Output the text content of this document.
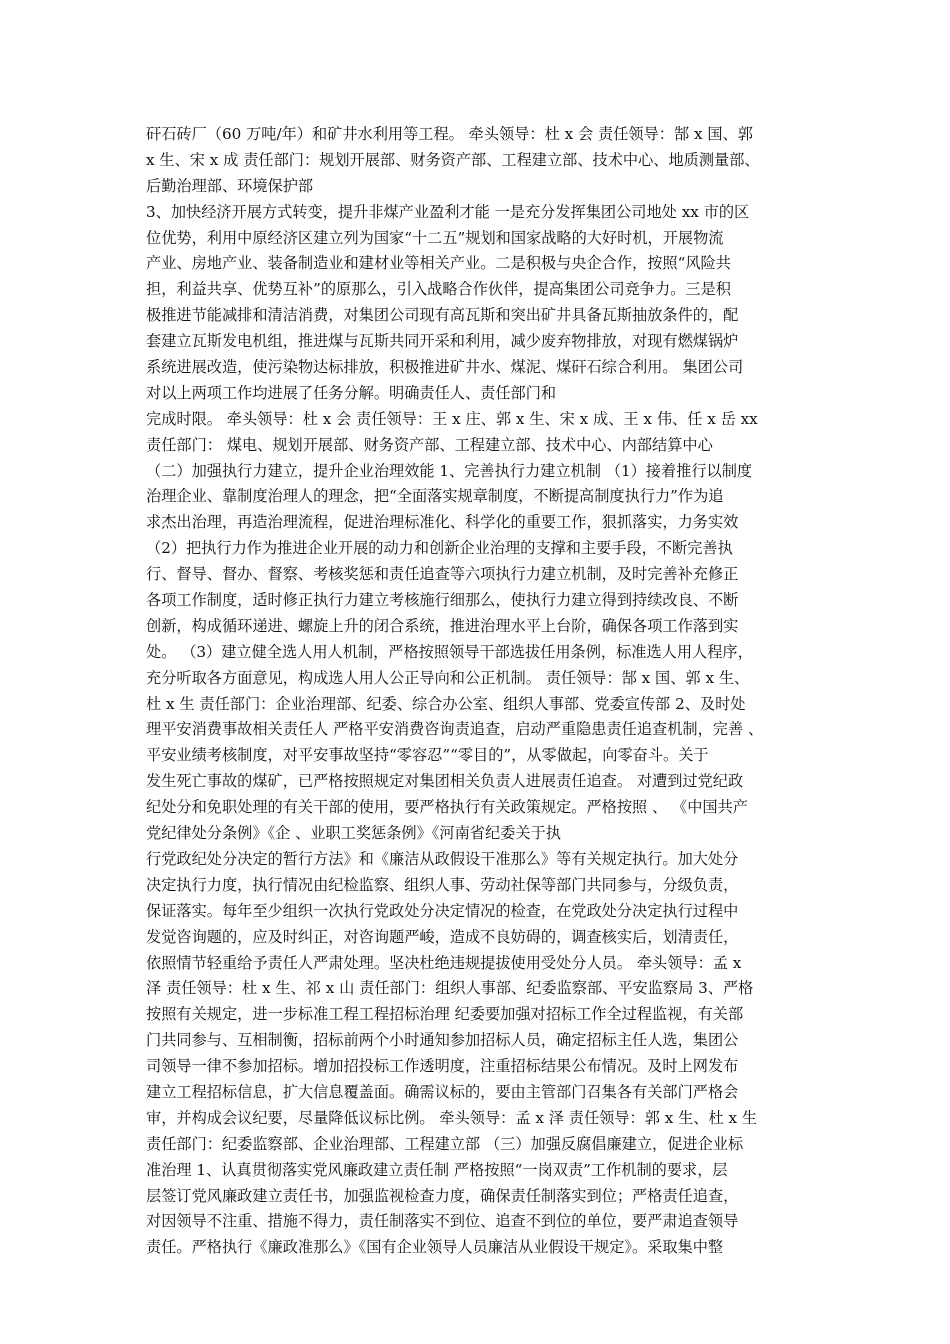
矸石砖厂（60 万吨/年）和矿井水利用等工程。 牵头领导：杜 x 会 责任领导：郜 x 国、郭
x 生、宋 x 成 责任部门：规划开展部、财务资产部、工程建立部、技术中心、地质测量部、
后勤治理部、环境保护部
3、加快经济开展方式转变，提升非煤产业盈利才能 一是充分发挥集团公司地处 xx 市的区
位优势，利用中原经济区建立列为国家“十二五”规划和国家战略的大好时机，开展物流
产业、房地产业、装备制造业和建材业等相关产业。二是积极与央企合作，按照“风险共
担，利益共享、优势互补”的原那么，引入战略合作伙伴，提高集团公司竞争力。三是积
极推进节能减排和清洁消费，对集团公司现有高瓦斯和突出矿井具备瓦斯抽放条件的，配
套建立瓦斯发电机组，推进煤与瓦斯共同开采和利用，减少废弃物排放，对现有燃煤锅炉
系统进展改造，使污染物达标排放，积极推进矿井水、煤泥、煤矸石综合利用。 集团公司
对以上两项工作均进展了任务分解。明确责任人、责任部门和
完成时限。 牵头领导：杜 x 会 责任领导：王 x 庄、郭 x 生、宋 x 成、王 x 伟、任 x 岳 xx
责任部门： 煤电、规划开展部、财务资产部、工程建立部、技术中心、内部结算中心
（二）加强执行力建立，提升企业治理效能 1、完善执行力建立机制 （1）接着推行以制度
治理企业、靠制度治理人的理念，把“全面落实规章制度，不断提高制度执行力”作为追
求杰出治理，再造治理流程，促进治理标准化、科学化的重要工作，狠抓落实，力务实效
（2）把执行力作为推进企业开展的动力和创新企业治理的支撑和主要手段，不断完善执
行、督导、督办、督察、考核奖惩和责任追查等六项执行力建立机制，及时完善补充修正
各项工作制度，适时修正执行力建立考核施行细那么，使执行力建立得到持续改良、不断
创新，构成循环递进、螺旋上升的闭合系统，推进治理水平上台阶，确保各项工作落到实
处。 （3）建立健全选人用人机制，严格按照领导干部选拔任用条例，标准选人用人程序，
充分听取各方面意见，构成选人用人公正导向和公正机制。 责任领导：郜 x 国、郭 x 生、
杜 x 生 责任部门：企业治理部、纪委、综合办公室、组织人事部、党委宣传部 2、及时处
理平安消费事故相关责任人 严格平安消费咨询责追查，启动严重隐患责任追查机制，完善 、
平安业绩考核制度，对平安事故坚持“零容忍”“零目的”，从零做起，向零奋斗。关于
发生死亡事故的煤矿，已严格按照规定对集团相关负责人进展责任追查。 对遭到过党纪政
纪处分和免职处理的有关干部的使用，要严格执行有关政策规定。严格按照 、 《中国共产
党纪律处分条例》《企 、业职工奖惩条例》《河南省纪委关于执
行党政纪处分决定的暂行方法》和《廉洁从政假设干准那么》等有关规定执行。加大处分
决定执行力度，执行情况由纪检监察、组织人事、劳动社保等部门共同参与，分级负责，
保证落实。每年至少组织一次执行党政处分决定情况的检查，在党政处分决定执行过程中
发觉咨询题的，应及时纠正，对咨询题严峻，造成不良妨碍的，调查核实后，划清责任，
依照情节轻重给予责任人严肃处理。坚决杜绝违规提拔使用受处分人员。 牵头领导：孟 x
泽 责任领导：杜 x 生、祁 x 山 责任部门：组织人事部、纪委监察部、平安监察局 3、严格
按照有关规定，进一步标准工程工程招标治理 纪委要加强对招标工作全过程监视，有关部
门共同参与、互相制衡，招标前两个小时通知参加招标人员，确定招标主任人选，集团公
司领导一律不参加招标。增加招投标工作透明度，注重招标结果公布情况。及时上网发布
建立工程招标信息，扩大信息覆盖面。确需议标的，要由主管部门召集各有关部门严格会
审，并构成会议纪要，尽量降低议标比例。 牵头领导：孟 x 泽 责任领导：郭 x 生、杜 x 生
责任部门：纪委监察部、企业治理部、工程建立部 （三）加强反腐倡廉建立，促进企业标
准治理 1、认真贯彻落实党风廉政建立责任制 严格按照“一岗双责”工作机制的要求，层
层签订党风廉政建立责任书，加强监视检查力度，确保责任制落实到位；严格责任追查，
对因领导不注重、措施不得力，责任制落实不到位、追查不到位的单位，要严肃追查领导
责任。严格执行《廉政准那么》《国有企业领导人员廉洁从业假设干规定》。采取集中整
